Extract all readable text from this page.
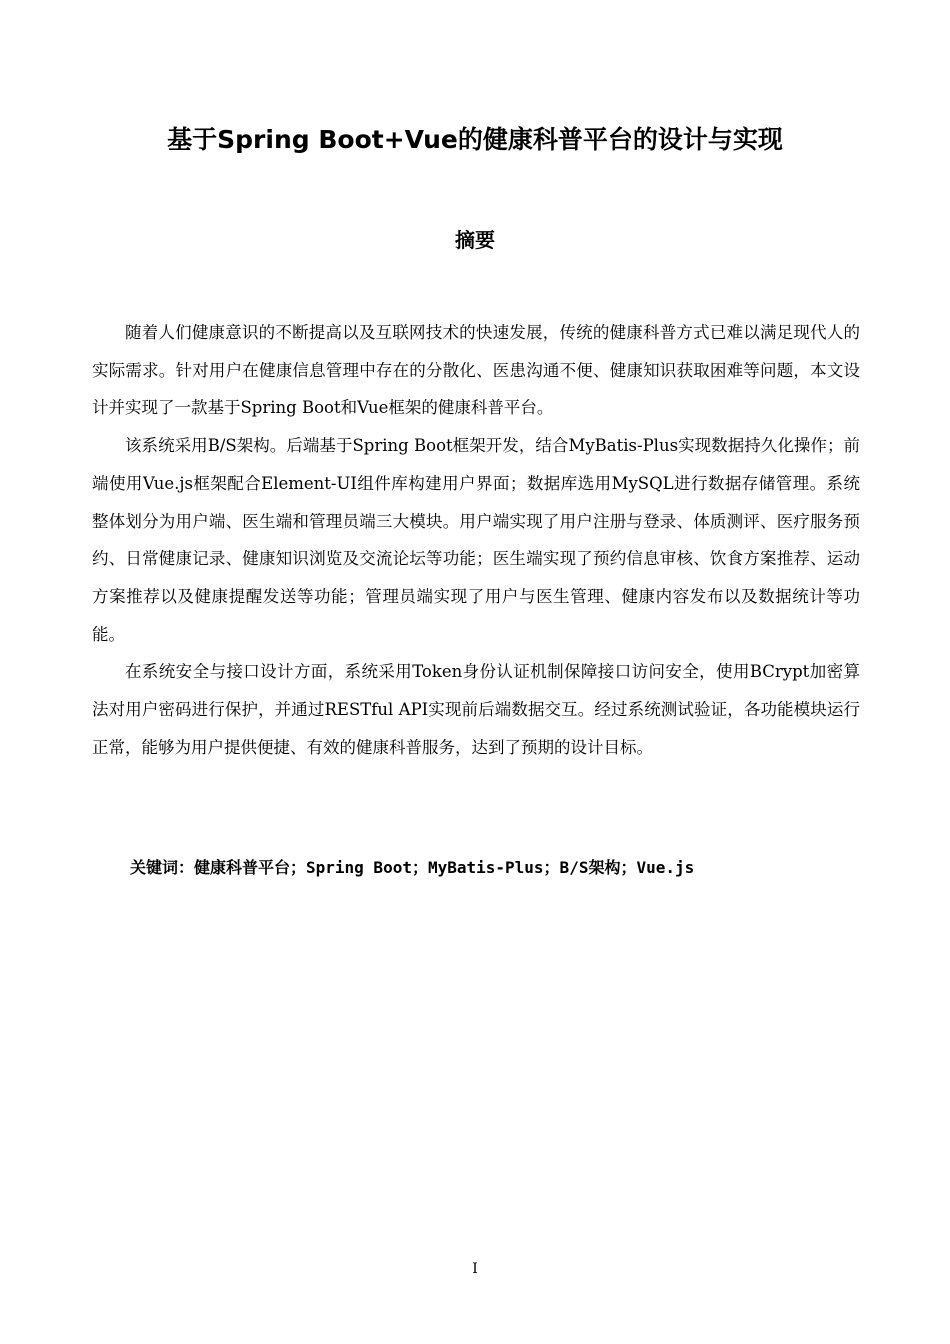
基于Spring Boot+Vue的健康科普平台的设计与实现
摘要

随着人们健康意识的不断提高以及互联网技术的快速发展，传统的健康科普方式已难以满足现代人的实际需求。针对用户在健康信息管理中存在的分散化、医患沟通不便、健康知识获取困难等问题，本文设计并实现了一款基于Spring Boot和Vue框架的健康科普平台。

该系统采用B/S架构。后端基于Spring Boot框架开发，结合MyBatis-Plus实现数据持久化操作；前端使用Vue.js框架配合Element-UI组件库构建用户界面；数据库选用MySQL进行数据存储管理。系统整体划分为用户端、医生端和管理员端三大模块。用户端实现了用户注册与登录、体质测评、医疗服务预约、日常健康记录、健康知识浏览及交流论坛等功能；医生端实现了预约信息审核、饮食方案推荐、运动方案推荐以及健康提醒发送等功能；管理员端实现了用户与医生管理、健康内容发布以及数据统计等功能。

在系统安全与接口设计方面，系统采用Token身份认证机制保障接口访问安全，使用BCrypt加密算法对用户密码进行保护，并通过RESTful API实现前后端数据交互。经过系统测试验证，各功能模块运行正常，能够为用户提供便捷、有效的健康科普服务，达到了预期的设计目标。

关键词：健康科普平台；Spring Boot；MyBatis-Plus；B/S架构；Vue.js
I
